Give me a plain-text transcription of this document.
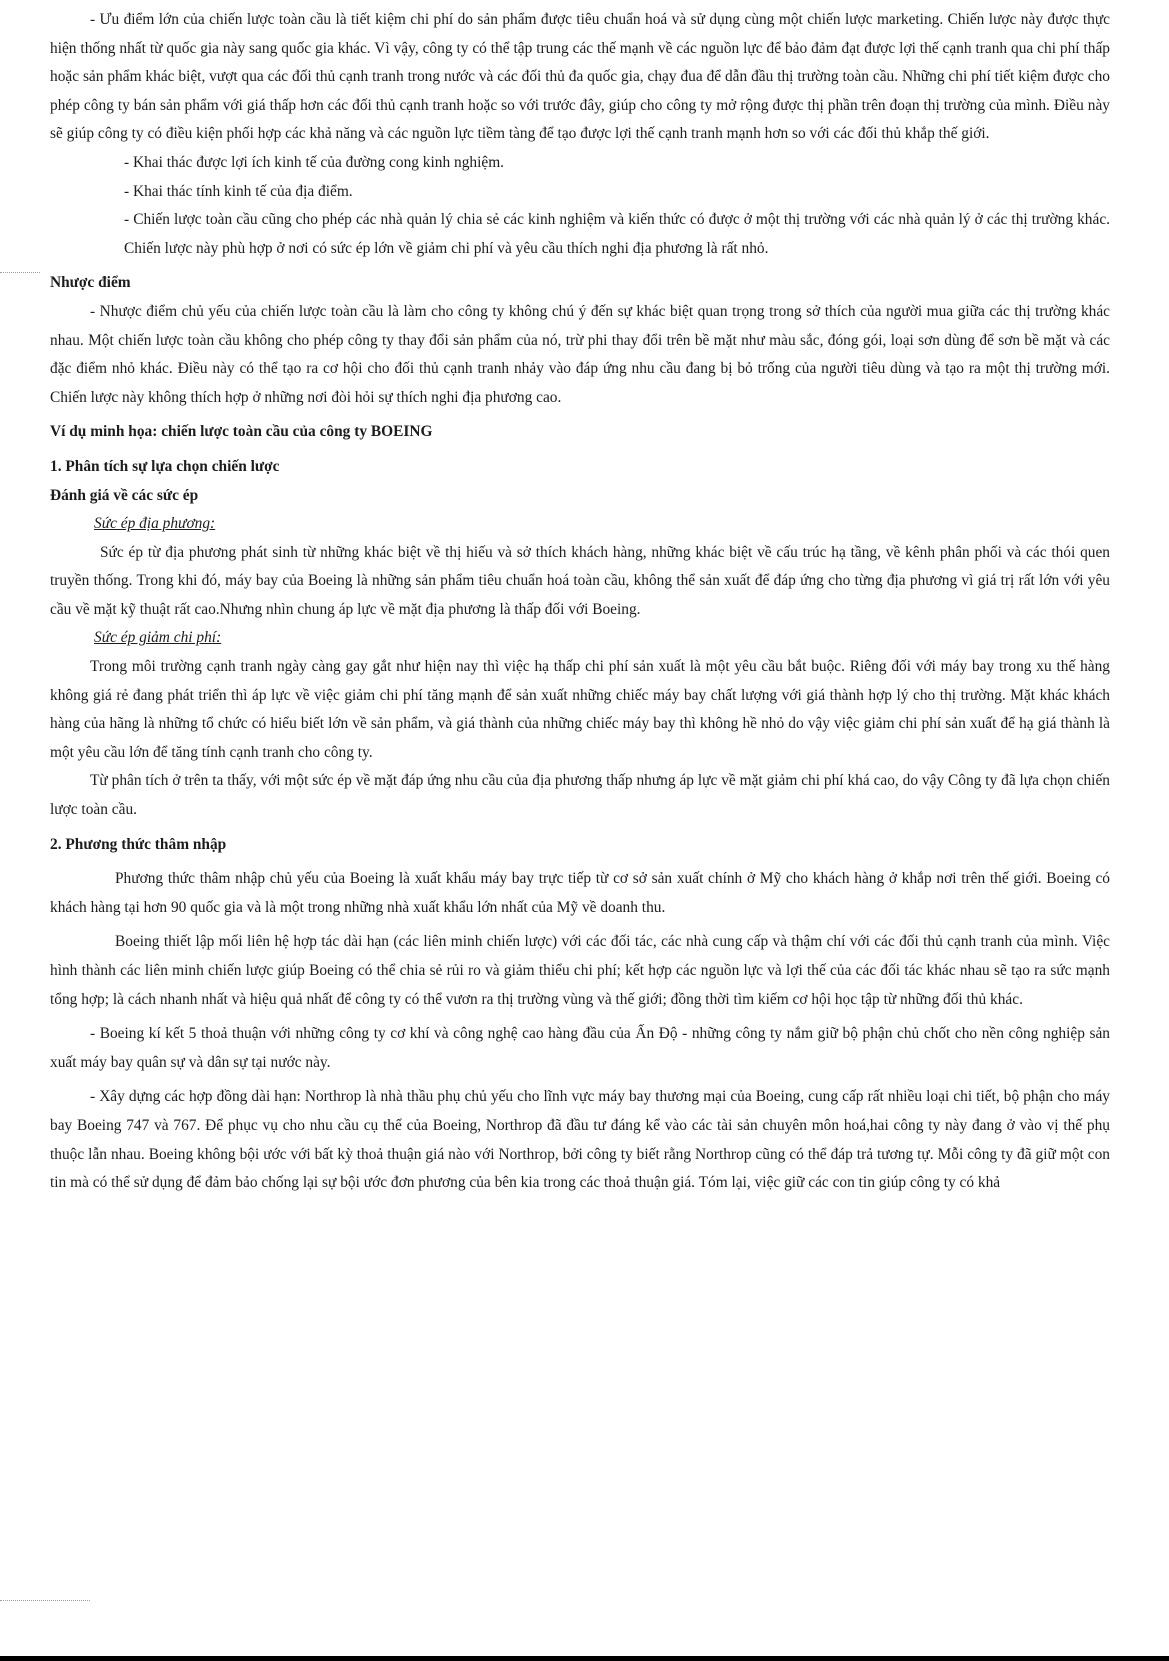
- Ưu điểm lớn của chiến lược toàn cầu là tiết kiệm chi phí do sản phẩm được tiêu chuẩn hoá và sử dụng cùng một chiến lược marketing. Chiến lược này được thực hiện thống nhất từ quốc gia này sang quốc gia khác. Vì vậy, công ty có thể tập trung các thế mạnh về các nguồn lực để bảo đảm đạt được lợi thế cạnh tranh qua chi phí thấp hoặc sản phẩm khác biệt, vượt qua các đối thủ cạnh tranh trong nước và các đối thủ đa quốc gia, chạy đua để dẫn đầu thị trường toàn cầu. Những chi phí tiết kiệm được cho phép công ty bán sản phẩm với giá thấp hơn các đối thủ cạnh tranh hoặc so với trước đây, giúp cho công ty mở rộng được thị phần trên đoạn thị trường của mình. Điều này sẽ giúp công ty có điều kiện phối hợp các khả năng và các nguồn lực tiềm tàng để tạo được lợi thế cạnh tranh mạnh hơn so với các đối thủ khắp thế giới.

- Khai thác được lợi ích kinh tế của đường cong kinh nghiệm.

- Khai thác tính kinh tế của địa điểm.

- Chiến lược toàn cầu cũng cho phép các nhà quản lý chia sẻ các kinh nghiệm và kiến thức có được ở một thị trường với các nhà quản lý ở các thị trường khác. Chiến lược này phù hợp ở nơi có sức ép lớn về giảm chi phí và yêu cầu thích nghi địa phương là rất nhỏ.

Nhược điểm

- Nhược điểm chủ yếu của chiến lược toàn cầu là làm cho công ty không chú ý đến sự khác biệt quan trọng trong sở thích của người mua giữa các thị trường khác nhau. Một chiến lược toàn cầu không cho phép công ty thay đổi sản phẩm của nó, trừ phi thay đổi trên bề mặt như màu sắc, đóng gói, loại sơn dùng để sơn bề mặt và các đặc điểm nhỏ khác. Điều này có thể tạo ra cơ hội cho đối thủ cạnh tranh nhảy vào đáp ứng nhu cầu đang bị bỏ trống của người tiêu dùng và tạo ra một thị trường mới. Chiến lược này không thích hợp ở những nơi đòi hỏi sự thích nghi địa phương cao.

Ví dụ minh họa: chiến lược toàn cầu của công ty BOEING

1. Phân tích sự lựa chọn chiến lược

Đánh giá về các sức ép

Sức ép địa phương:

Sức ép từ địa phương phát sinh từ những khác biệt về thị hiếu và sở thích khách hàng, những khác biệt về cấu trúc hạ tầng, về kênh phân phối và các thói quen truyền thống. Trong khi đó, máy bay của Boeing là những sản phẩm tiêu chuẩn hoá toàn cầu, không thể sản xuất để đáp ứng cho từng địa phương vì giá trị rất lớn với yêu cầu về mặt kỹ thuật rất cao.Nhưng nhìn chung áp lực về mặt địa phương là thấp đối với Boeing.

Sức ép giảm chi phí:

Trong môi trường cạnh tranh ngày càng gay gắt như hiện nay thì việc hạ thấp chi phí sản xuất là một yêu cầu bắt buộc. Riêng đối với máy bay trong xu thế hàng không giá rẻ đang phát triển thì áp lực về việc giảm chi phí tăng mạnh để sản xuất những chiếc máy bay chất lượng với giá thành hợp lý cho thị trường. Mặt khác khách hàng của hãng là những tổ chức có hiểu biết lớn về sản phẩm, và giá thành của những chiếc máy bay thì không hề nhỏ do vậy việc giảm chi phí sản xuất để hạ giá thành là một yêu cầu lớn để tăng tính cạnh tranh cho công ty.

Từ phân tích ở trên ta thấy, với một sức ép về mặt đáp ứng nhu cầu của địa phương thấp nhưng áp lực về mặt giảm chi phí khá cao, do vậy Công ty đã lựa chọn chiến lược toàn cầu.

2. Phương thức thâm nhập

Phương thức thâm nhập chủ yếu của Boeing là xuất khẩu máy bay trực tiếp từ cơ sở sản xuất chính ở Mỹ cho khách hàng ở khắp nơi trên thế giới. Boeing có khách hàng tại hơn 90 quốc gia và là một trong những nhà xuất khẩu lớn nhất của Mỹ về doanh thu.

Boeing thiết lập mối liên hệ hợp tác dài hạn (các liên minh chiến lược) với các đối tác, các nhà cung cấp và thậm chí với các đối thủ cạnh tranh của mình. Việc hình thành các liên minh chiến lược giúp Boeing có thể chia sẻ rủi ro và giảm thiểu chi phí; kết hợp các nguồn lực và lợi thế của các đối tác khác nhau sẽ tạo ra sức mạnh tổng hợp; là cách nhanh nhất và hiệu quả nhất để công ty có thể vươn ra thị trường vùng và thế giới; đồng thời tìm kiếm cơ hội học tập từ những đối thủ khác.

- Boeing kí kết 5 thoả thuận với những công ty cơ khí và công nghệ cao hàng đầu của Ấn Độ - những công ty nắm giữ bộ phận chủ chốt cho nền công nghiệp sản xuất máy bay quân sự và dân sự tại nước này.

- Xây dựng các hợp đồng dài hạn: Northrop là nhà thầu phụ chủ yếu cho lĩnh vực máy bay thương mại của Boeing, cung cấp rất nhiều loại chi tiết, bộ phận cho máy bay Boeing 747 và 767. Để phục vụ cho nhu cầu cụ thể của Boeing, Northrop đã đầu tư đáng kể vào các tài sản chuyên môn hoá,hai công ty này đang ở vào vị thế phụ thuộc lẫn nhau. Boeing không bội ước với bất kỳ thoả thuận giá nào với Northrop, bởi công ty biết rằng Northrop cũng có thể đáp trả tương tự. Mỗi công ty đã giữ một con tin mà có thể sử dụng để đảm bảo chống lại sự bội ước đơn phương của bên kia trong các thoả thuận giá. Tóm lại, việc giữ các con tin giúp công ty có khả
